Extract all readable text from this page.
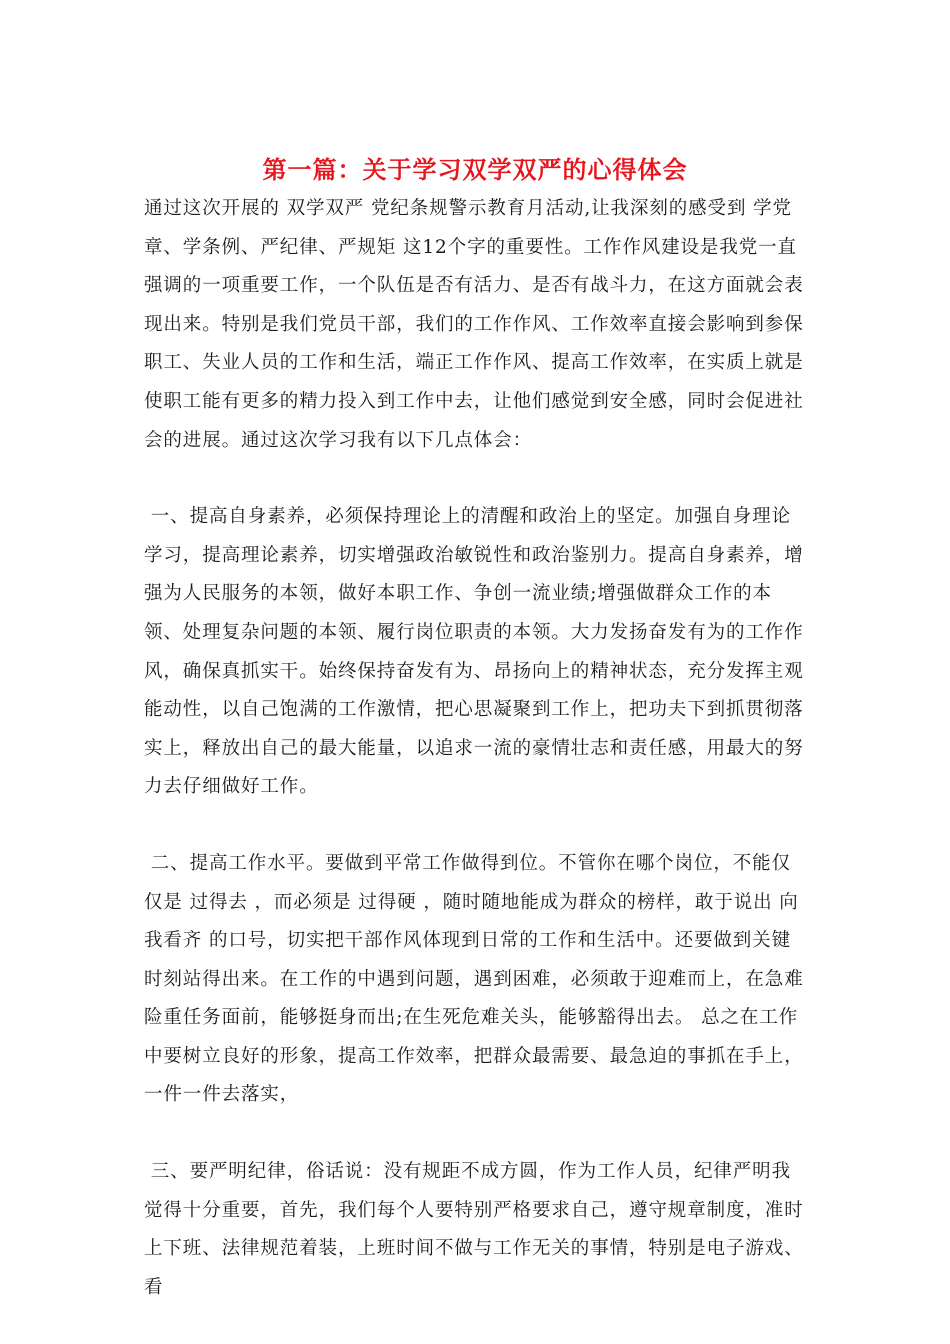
第一篇：关于学习双学双严的心得体会

通过这次开展的 双学双严 党纪条规警示教育月活动,让我深刻的感受到 学党章、学条例、严纪律、严规矩 这12个字的重要性。工作作风建设是我党一直强调的一项重要工作，一个队伍是否有活力、是否有战斗力，在这方面就会表现出来。特别是我们党员干部，我们的工作作风、工作效率直接会影响到参保职工、失业人员的工作和生活，端正工作作风、提高工作效率，在实质上就是使职工能有更多的精力投入到工作中去，让他们感觉到安全感，同时会促进社会的进展。通过这次学习我有以下几点体会：

一、提高自身素养，必须保持理论上的清醒和政治上的坚定。加强自身理论学习，提高理论素养，切实增强政治敏锐性和政治鉴别力。提高自身素养，增强为人民服务的本领，做好本职工作、争创一流业绩;增强做群众工作的本领、处理复杂问题的本领、履行岗位职责的本领。大力发扬奋发有为的工作作风，确保真抓实干。始终保持奋发有为、昂扬向上的精神状态，充分发挥主观能动性，以自己饱满的工作激情，把心思凝聚到工作上，把功夫下到抓贯彻落实上，释放出自己的最大能量，以追求一流的豪情壮志和责任感，用最大的努力去仔细做好工作。

二、提高工作水平。要做到平常工作做得到位。不管你在哪个岗位，不能仅仅是 过得去 ，而必须是 过得硬 ，随时随地能成为群众的榜样，敢于说出 向我看齐 的口号，切实把干部作风体现到日常的工作和生活中。还要做到关键时刻站得出来。在工作的中遇到问题，遇到困难，必须敢于迎难而上，在急难险重任务面前，能够挺身而出;在生死危难关头，能够豁得出去。 总之在工作中要树立良好的形象，提高工作效率，把群众最需要、最急迫的事抓在手上，一件一件去落实，

三、要严明纪律，俗话说：没有规距不成方圆，作为工作人员，纪律严明我觉得十分重要，首先，我们每个人要特别严格要求自己，遵守规章制度，准时上下班、法律规范着装，上班时间不做与工作无关的事情，特别是电子游戏、看
